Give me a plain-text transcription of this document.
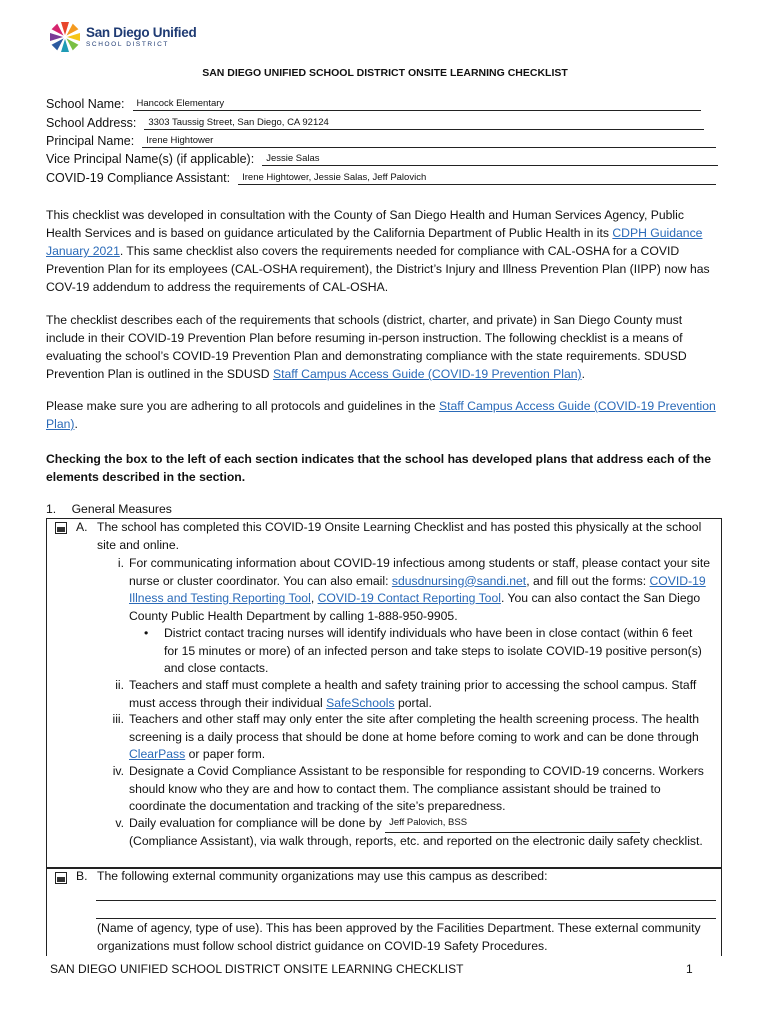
San Diego Unified
SCHOOL DISTRICT
SAN DIEGO UNIFIED SCHOOL DISTRICT ONSITE LEARNING CHECKLIST
School Name:	Hancock Elementary
School Address:	3303 Taussig Street, San Diego, CA 92124
Principal Name:	Irene Hightower
Vice Principal Name(s) (if applicable):	Jessie Salas
COVID-19 Compliance Assistant:	Irene Hightower, Jessie Salas, Jeff Palovich

This checklist was developed in consultation with the County of San Diego Health and Human Services Agency, Public Health Services and is based on guidance articulated by the California Department of Public Health in its CDPH Guidance January 2021. This same checklist also covers the requirements needed for compliance with CAL-OSHA for a COVID Prevention Plan for its employees (CAL-OSHA requirement), the District’s Injury and Illness Prevention Plan (IIPP) now has COV-19 addendum to address the requirements of CAL-OSHA.

The checklist describes each of the requirements that schools (district, charter, and private) in San Diego County must include in their COVID-19 Prevention Plan before resuming in-person instruction. The following checklist is a means of evaluating the school’s COVID-19 Prevention Plan and demonstrating compliance with the state requirements. SDUSD Prevention Plan is outlined in the SDUSD Staff Campus Access Guide (COVID-19 Prevention Plan).

Please make sure you are adhering to all protocols and guidelines in the Staff Campus Access Guide (COVID-19 Prevention Plan).

Checking the box to the left of each section indicates that the school has developed plans that address each of the elements described in the section.

1. General Measures
A. The school has completed this COVID-19 Onsite Learning Checklist and has posted this physically at the school site and online.
i. For communicating information about COVID-19 infectious among students or staff, please contact your site nurse or cluster coordinator. You can also email: sdusdnursing@sandi.net, and fill out the forms: COVID-19 Illness and Testing Reporting Tool, COVID-19 Contact Reporting Tool. You can also contact the San Diego County Public Health Department by calling 1-888-950-9905.
• District contact tracing nurses will identify individuals who have been in close contact (within 6 feet for 15 minutes or more) of an infected person and take steps to isolate COVID-19 positive person(s) and close contacts.
ii. Teachers and staff must complete a health and safety training prior to accessing the school campus. Staff must access through their individual SafeSchools portal.
iii. Teachers and other staff may only enter the site after completing the health screening process. The health screening is a daily process that should be done at home before coming to work and can be done through ClearPass or paper form.
iv. Designate a Covid Compliance Assistant to be responsible for responding to COVID-19 concerns. Workers should know who they are and how to contact them. The compliance assistant should be trained to coordinate the documentation and tracking of the site’s preparedness.
v. Daily evaluation for compliance will be done by Jeff Palovich, BSS

(Compliance Assistant), via walk through, reports, etc. and reported on the electronic daily safety checklist.
B. The following external community organizations may use this campus as described:
(Name of agency, type of use). This has been approved by the Facilities Department. These external community organizations must follow school district guidance on COVID-19 Safety Procedures.
SAN DIEGO UNIFIED SCHOOL DISTRICT ONSITE LEARNING CHECKLIST	1
